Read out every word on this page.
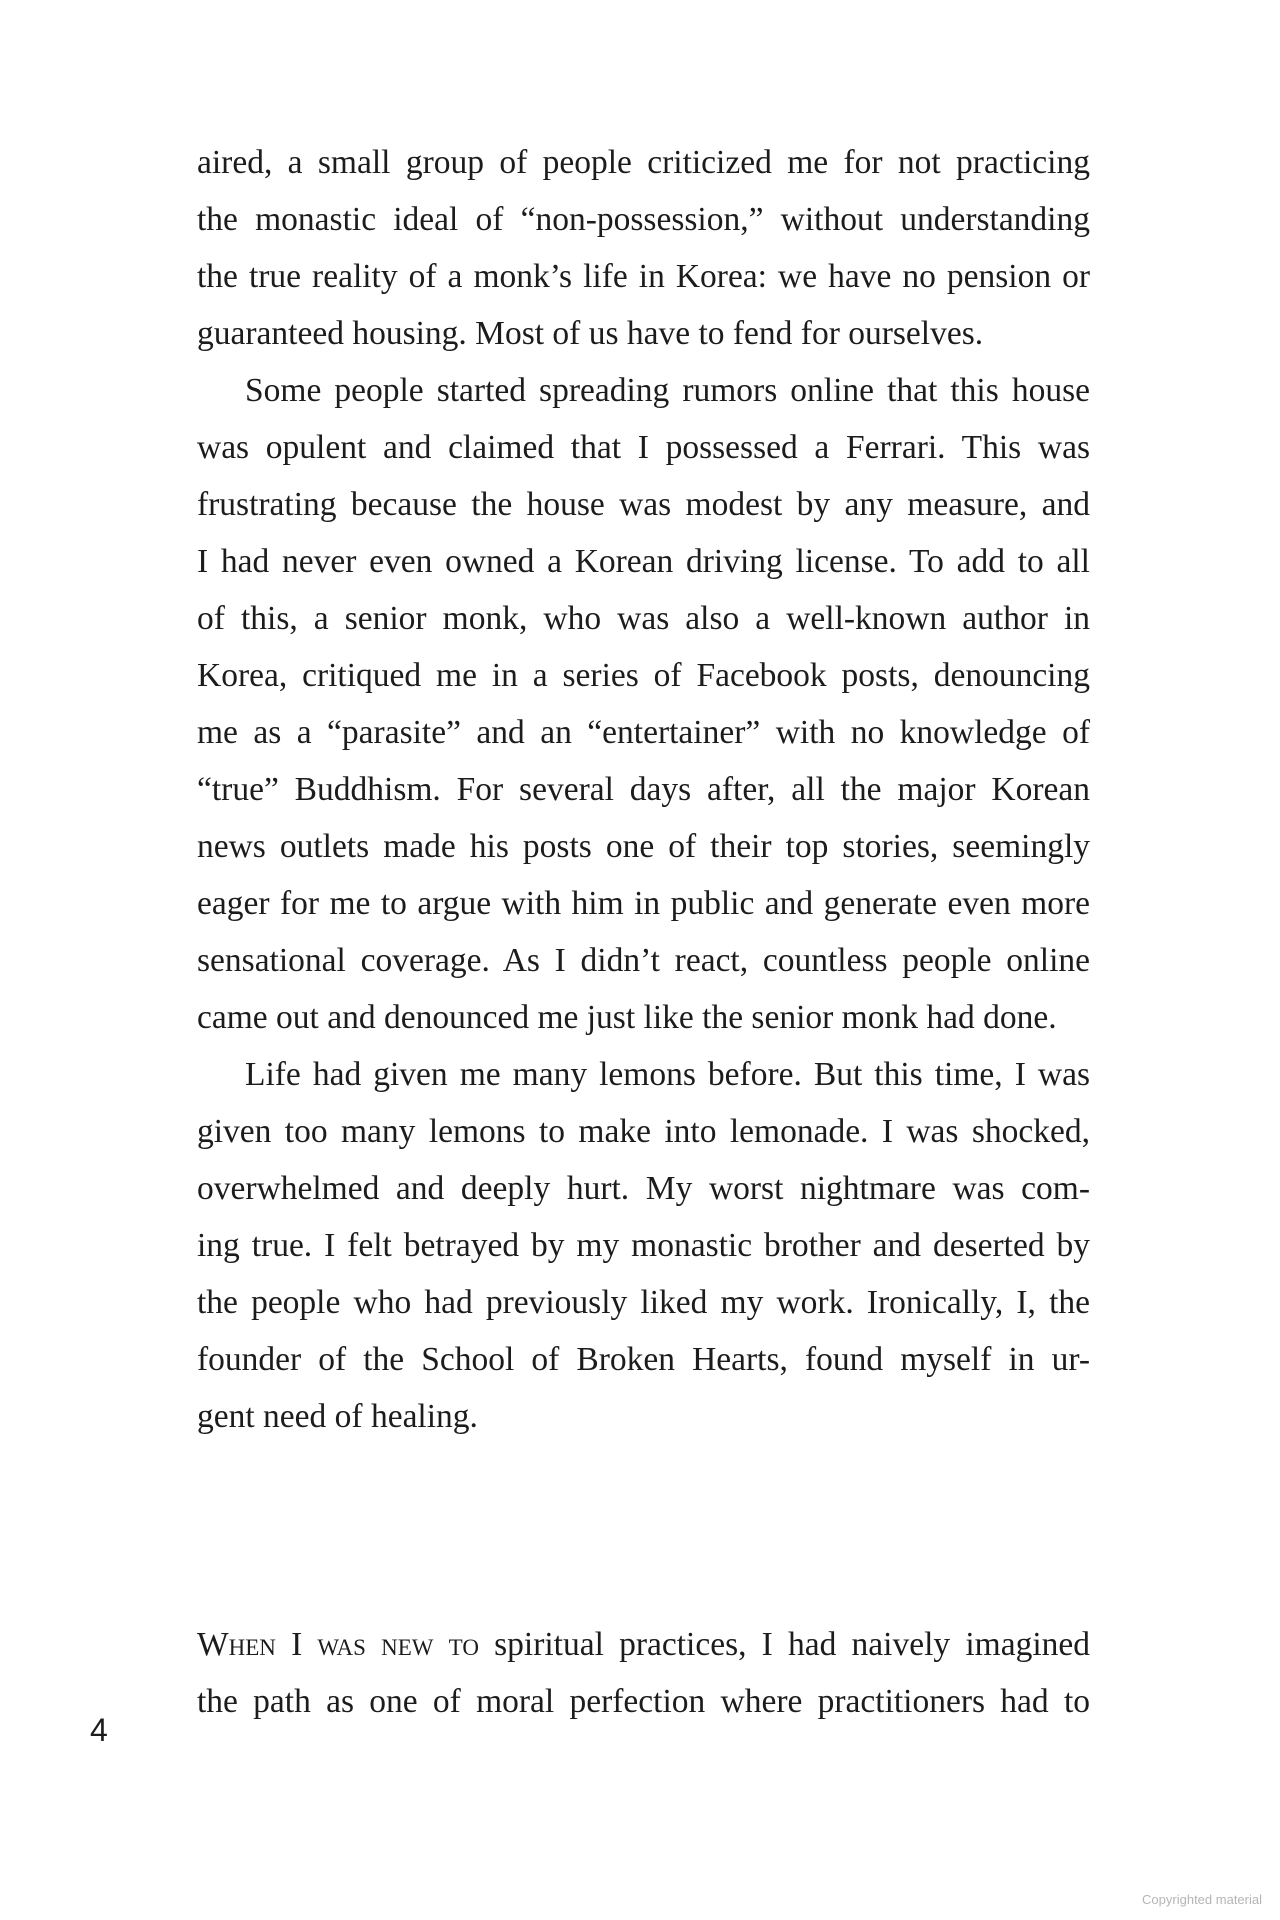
aired, a small group of people criticized me for not practicing
the monastic ideal of “non-possession,” without understanding
the true reality of a monk’s life in Korea: we have no pension or
guaranteed housing. Most of us have to fend for ourselves.
Some people started spreading rumors online that this house
was opulent and claimed that I possessed a Ferrari. This was
frustrating because the house was modest by any measure, and
I had never even owned a Korean driving license. To add to all
of this, a senior monk, who was also a well-known author in
Korea, critiqued me in a series of Facebook posts, denouncing
me as a “parasite” and an “entertainer” with no knowledge of
“true” Buddhism. For several days after, all the major Korean
news outlets made his posts one of their top stories, seemingly
eager for me to argue with him in public and generate even more
sensational coverage. As I didn’t react, countless people online
came out and denounced me just like the senior monk had done.
Life had given me many lemons before. But this time, I was
given too many lemons to make into lemonade. I was shocked,
overwhelmed and deeply hurt. My worst nightmare was com-
ing true. I felt betrayed by my monastic brother and deserted by
the people who had previously liked my work. Ironically, I, the
founder of the School of Broken Hearts, found myself in ur-
gent need of healing.
When I was new to spiritual practices, I had naively imagined
the path as one of moral perfection where practitioners had to
4
Copyrighted material
